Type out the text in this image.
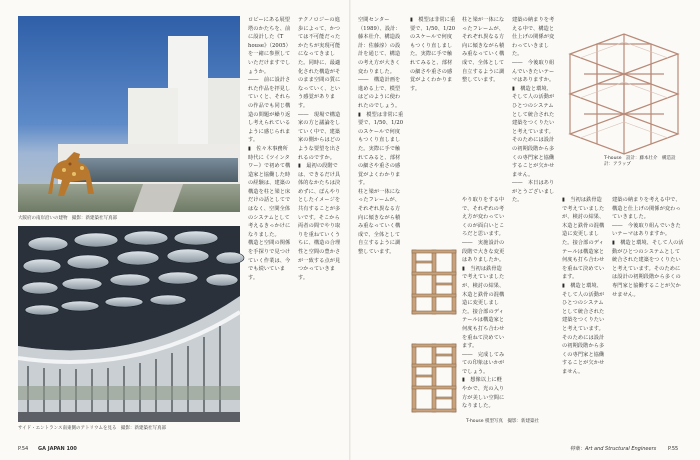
大阪府の南岸沿いの建物　撮影：新建築社写真部
サイド・エントランス南東側のアトリウムを見る　撮影：新建築社写真部

ロビーにある展望塔のかたちを、前に設計した《T house》（2005）を一緒に参照していただけますでしょうか。

――　前に設計された作品を拝見していくと、それらの作品でも同じ構造の問題が繰り返し考えられているように感じられます。

▮　佐々木事務所時代に《ツインタワー》で初めて構造家と協働した時の経験は、建築の構造を柱と梁と床だけの話としてではなく、空間全体のシステムとして考えるきっかけになりました。

構造と空間の関係を手探りで見つけていく作業は、今でも続いています。

テクノロジーの進歩によって、かつては不可能だったかたちが実現可能になってきました。同時に、最適化された構造がそのまま空間の質になっていく、という感覚があります。

――　現場で構造家の方と議論をしていく中で、建築家の側からはどのような要望を出されるのですか。

▮　最初の段階では、できるだけ具体的なかたちは決めずに、ぼんやりとしたイメージを共有することが多いです。そこから両者の間でやり取りを重ねていくうちに、構造の合理性と空間の豊かさが一致する点が見つかっていきます。

P.54 GA JAPAN 100

空間センター（1989）、設計：藤本壮介、構造設計：佐藤淳）の設計を通じて、構造の考え方が大きく変わりました。

――　構造計画を進める上で、模型はどのように使われたのでしょう。

▮　模型は非常に重要で、1/50、1/20のスケールで何度もつくり直しました。実際に手で触れてみると、部材の細さや重さの感覚がよくわかります。

柱と梁が一体になったフレームが、それぞれ異なる方向に傾きながら積み重なっていく構成で、全体として自立するように調整しています。

▮　模型は非常に重要で、1/50、1/20のスケールで何度もつくり直しました。実際に手で触れてみると、部材の細さや重さの感覚がよくわかります。

柱と梁が一体になったフレームが、それぞれ異なる方向に傾きながら積み重なっていく構成で、全体として自立するように調整しています。

やり取りをする中で、それぞれの考え方が変わっていくのが面白いところだと思います。

――　実施設計の段階で大きな変更はありましたか。

▮　当初は鉄骨造で考えていましたが、検討の結果、木造と鉄骨の混構造に変更しました。接合部のディテールは構造家と何度も打ち合わせを重ねて決めています。

――　完成してみての印象はいかがでしょう。

▮　想像以上に軽やかで、光の入り方が美しい空間になりました。

建築の納まりを考える中で、構造と仕上げの関係が変わっていきました。

――　今後取り組んでいきたいテーマはありますか。

▮　構造と環境、そして人の活動がひとつのシステムとして統合された建築をつくりたいと考えています。そのためには設計の初期段階から多くの専門家と協働することが欠かせません。

――　本日はありがとうございました。	▮　当初は鉄骨造で考えていましたが、検討の結果、木造と鉄骨の混構造に変更しました。接合部のディテールは構造家と何度も打ち合わせを重ねて決めています。

▮　構造と環境、そして人の活動がひとつのシステムとして統合された建築をつくりたいと考えています。そのためには設計の初期段階から多くの専門家と協働することが欠かせません。

建築の納まりを考える中で、構造と仕上げの関係が変わっていきました。

――　今後取り組んでいきたいテーマはありますか。

▮　構造と環境、そして人の活動がひとつのシステムとして統合された建築をつくりたいと考えています。そのためには設計の初期段階から多くの専門家と協働することが欠かせません。

T-house　設計：藤本壮介　構造設計：アラップ
T-house 模型写真　撮影：新建築社
特集：Art and Structural Engineers P.55
